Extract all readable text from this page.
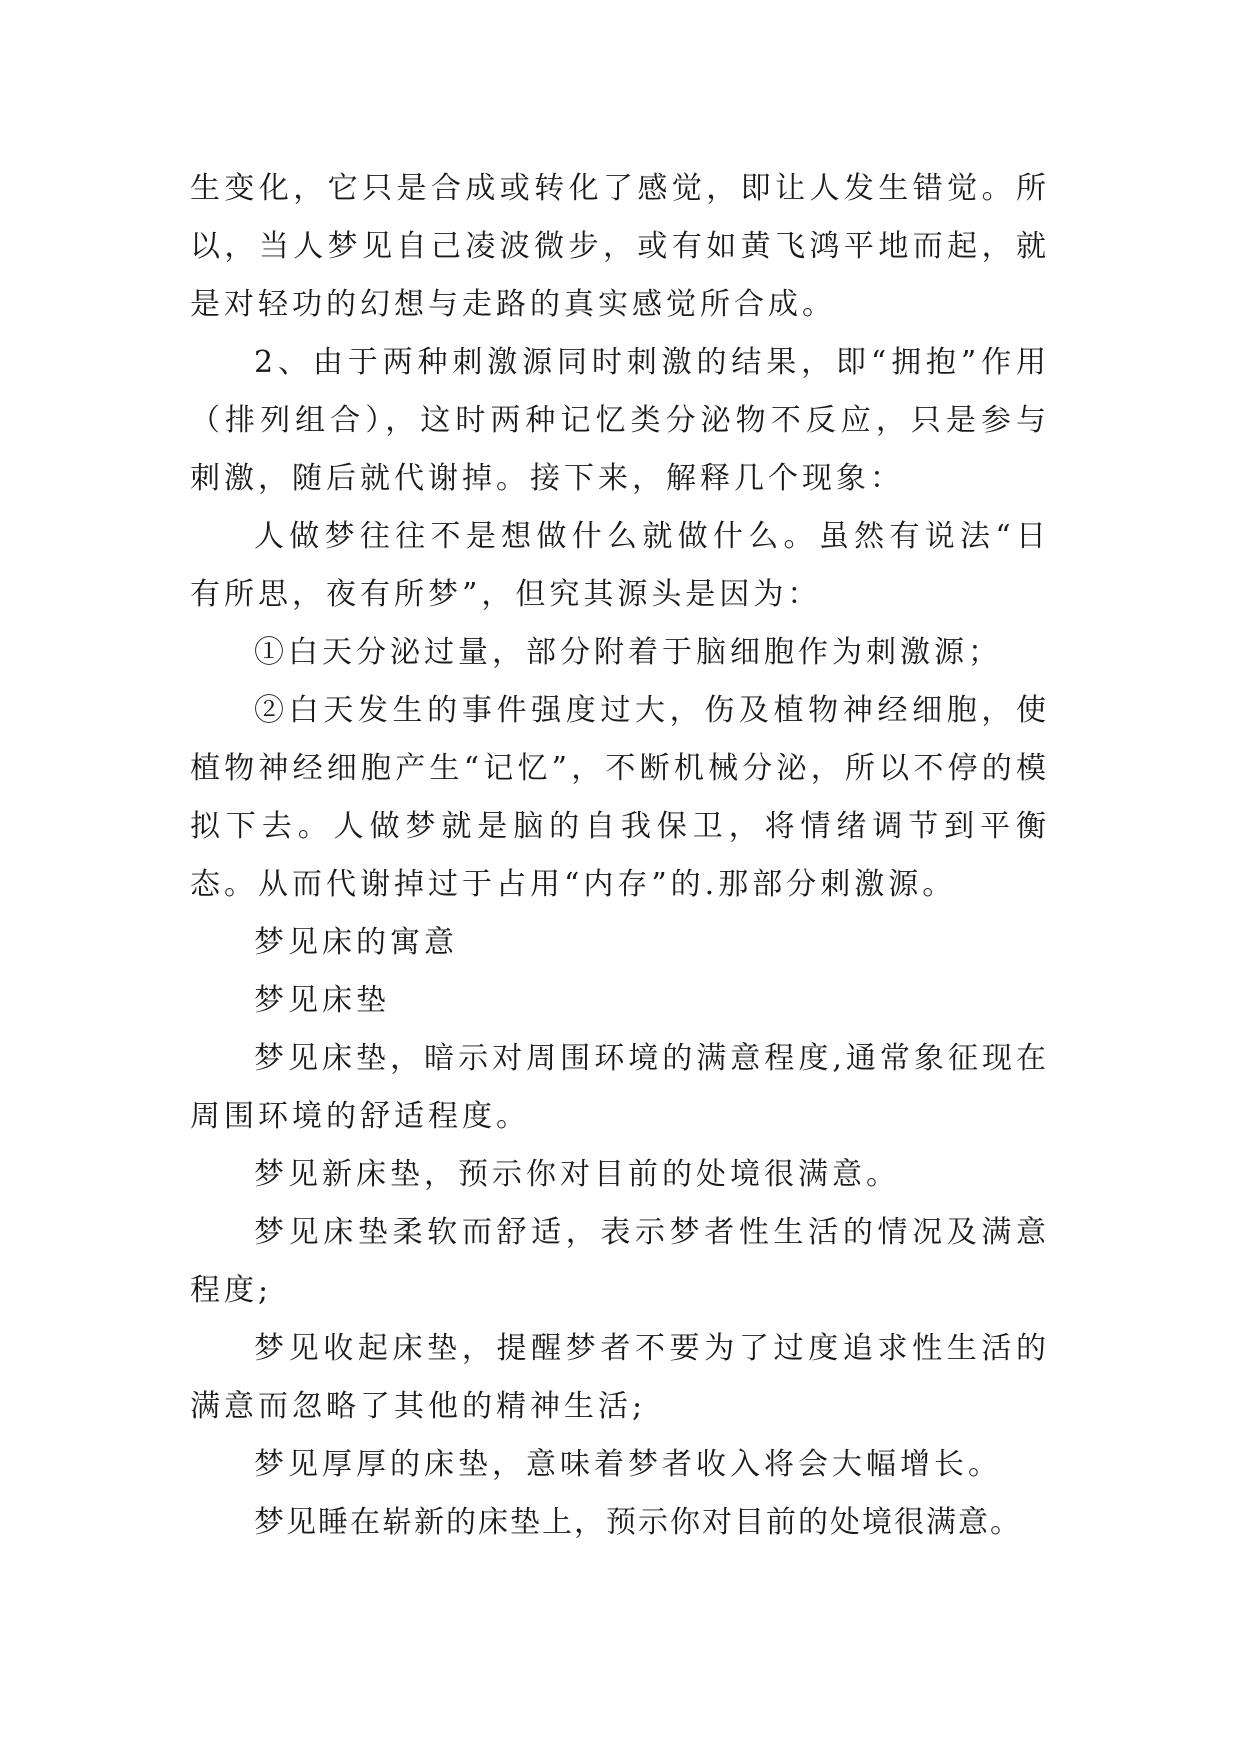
生变化，它只是合成或转化了感觉，即让人发生错觉。所以，当人梦见自己凌波微步，或有如黄飞鸿平地而起，就是对轻功的幻想与走路的真实感觉所合成。

2、由于两种刺激源同时刺激的结果，即“拥抱”作用（排列组合），这时两种记忆类分泌物不反应，只是参与刺激，随后就代谢掉。接下来，解释几个现象：

人做梦往往不是想做什么就做什么。虽然有说法“日有所思，夜有所梦”，但究其源头是因为：

①白天分泌过量，部分附着于脑细胞作为刺激源；

②白天发生的事件强度过大，伤及植物神经细胞，使植物神经细胞产生“记忆”，不断机械分泌，所以不停的模拟下去。人做梦就是脑的自我保卫，将情绪调节到平衡态。从而代谢掉过于占用“内存”的.那部分刺激源。

梦见床的寓意

梦见床垫

梦见床垫，暗示对周围环境的满意程度,通常象征现在周围环境的舒适程度。

梦见新床垫，预示你对目前的处境很满意。

梦见床垫柔软而舒适，表示梦者性生活的情况及满意程度;

梦见收起床垫，提醒梦者不要为了过度追求性生活的满意而忽略了其他的精神生活;

梦见厚厚的床垫，意味着梦者收入将会大幅增长。

梦见睡在崭新的床垫上，预示你对目前的处境很满意。
